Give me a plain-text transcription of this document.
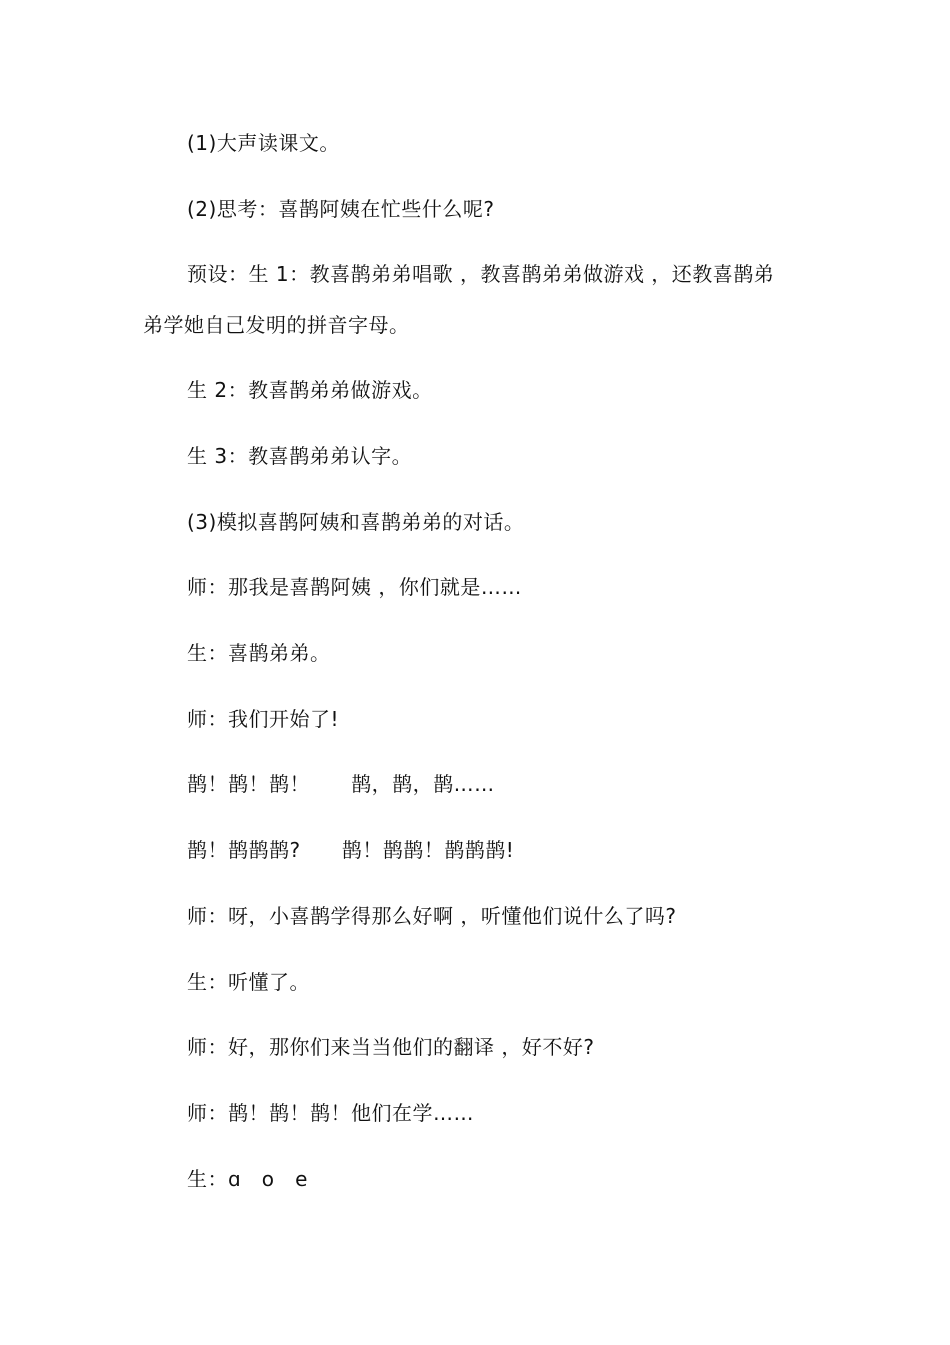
(1)大声读课文。
(2)思考：喜鹊阿姨在忙些什么呢?
预设：生 1：教喜鹊弟弟唱歌 ，教喜鹊弟弟做游戏 ，还教喜鹊弟
弟学她自己发明的拼音字母。
生 2：教喜鹊弟弟做游戏。
生 3：教喜鹊弟弟认字。
(3)模拟喜鹊阿姨和喜鹊弟弟的对话。
师：那我是喜鹊阿姨 ，你们就是……
生：喜鹊弟弟。
师：我们开始了!
鹊！鹊！鹊！      鹊，鹊，鹊……
鹊！鹊鹊鹊?      鹊！鹊鹊！鹊鹊鹊!
师：呀，小喜鹊学得那么好啊 ，听懂他们说什么了吗?
生：听懂了。
师：好，那你们来当当他们的翻译 ，好不好?
师：鹊！鹊！鹊！他们在学……
生：ɑ   o   e
